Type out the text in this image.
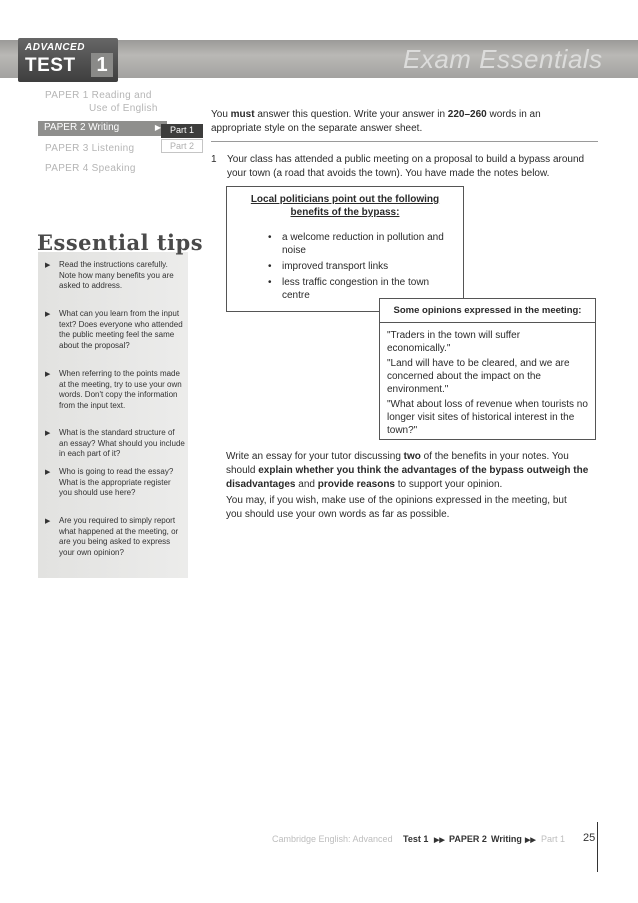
ADVANCED
TEST 1	Exam Essentials
PAPER 1 Reading and
Use of English
PAPER 2 Writing	▶ Part 1
Part 2
PAPER 3 Listening
PAPER 4 Speaking
Essential tips
▶ Read the instructions carefully. Note how many benefits you are asked to address.
▶ What can you learn from the input text? Does everyone who attended the public meeting feel the same about the proposal?
▶ When referring to the points made at the meeting, try to use your own words. Don't copy the information from the input text.
▶ What is the standard structure of an essay? What should you include in each part of it?
▶ Who is going to read the essay? What is the appropriate register you should use here?
▶ Are you required to simply report what happened at the meeting, or are you being asked to express your own opinion?
You must answer this question. Write your answer in 220–260 words in an
appropriate style on the separate answer sheet.
1 Your class has attended a public meeting on a proposal to build a bypass around
your town (a road that avoids the town). You have made the notes below.
Local politicians point out the following
benefits of the bypass:
• a welcome reduction in pollution and noise
• improved transport links
• less traffic congestion in the town centre
Some opinions expressed in the meeting:
"Traders in the town will suffer economically."
"Land will have to be cleared, and we are concerned about the impact on the environment."
"What about loss of revenue when tourists no longer visit sites of historical interest in the town?"
Write an essay for your tutor discussing two of the benefits in your notes. You
should explain whether you think the advantages of the bypass outweigh the
disadvantages and provide reasons to support your opinion.
You may, if you wish, make use of the opinions expressed in the meeting, but
you should use your own words as far as possible.
Cambridge English: Advanced Test 1 ▶▶ PAPER 2 Writing ▶▶ Part 1 25
